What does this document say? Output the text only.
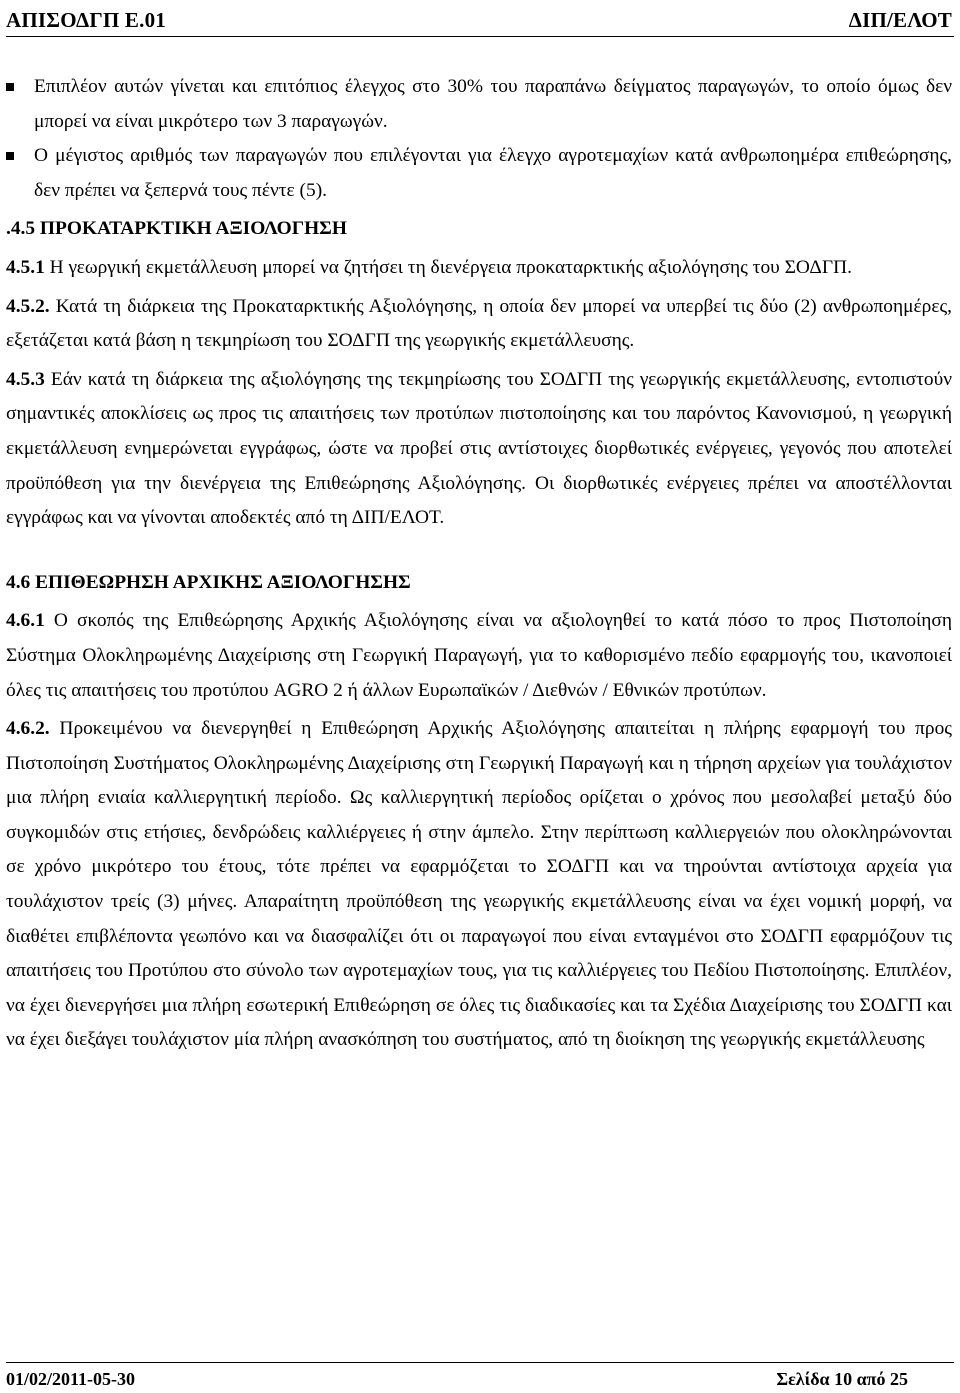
ΑΠΙΣΟΔΓΠ Ε.01	ΔΙΠ/ΕΛΟΤ

Επιπλέον αυτών γίνεται και επιτόπιος έλεγχος στο 30% του παραπάνω δείγματος παραγωγών, το οποίο όμως δεν μπορεί να είναι μικρότερο των 3 παραγωγών.

Ο μέγιστος αριθμός των παραγωγών που επιλέγονται για έλεγχο αγροτεμαχίων κατά ανθρωποημέρα επιθεώρησης, δεν πρέπει να ξεπερνά τους πέντε (5).

.4.5 ΠΡΟΚΑΤΑΡΚΤΙΚΗ ΑΞΙΟΛΟΓΗΣΗ

4.5.1 Η γεωργική εκμετάλλευση μπορεί να ζητήσει τη διενέργεια προκαταρκτικής αξιολόγησης του ΣΟΔΓΠ.

4.5.2. Κατά τη διάρκεια της Προκαταρκτικής Αξιολόγησης, η οποία δεν μπορεί να υπερβεί τις δύο (2) ανθρωποημέρες, εξετάζεται κατά βάση η τεκμηρίωση του ΣΟΔΓΠ της γεωργικής εκμετάλλευσης.

4.5.3 Εάν κατά τη διάρκεια της αξιολόγησης της τεκμηρίωσης του ΣΟΔΓΠ της γεωργικής εκμετάλλευσης, εντοπιστούν σημαντικές αποκλίσεις ως προς τις απαιτήσεις των προτύπων πιστοποίησης και του παρόντος Κανονισμού, η γεωργική εκμετάλλευση ενημερώνεται εγγράφως, ώστε να προβεί στις αντίστοιχες διορθωτικές ενέργειες, γεγονός που αποτελεί προϋπόθεση για την διενέργεια της Επιθεώρησης Αξιολόγησης. Οι διορθωτικές ενέργειες πρέπει να αποστέλλονται εγγράφως και να γίνονται αποδεκτές από τη ΔΙΠ/ΕΛΟΤ.

4.6 ΕΠΙΘΕΩΡΗΣΗ ΑΡΧΙΚΗΣ ΑΞΙΟΛΟΓΗΣΗΣ

4.6.1 Ο σκοπός της Επιθεώρησης Αρχικής Αξιολόγησης είναι να αξιολογηθεί το κατά πόσο το προς Πιστοποίηση Σύστημα Ολοκληρωμένης Διαχείρισης στη Γεωργική Παραγωγή, για το καθορισμένο πεδίο εφαρμογής του, ικανοποιεί όλες τις απαιτήσεις του προτύπου AGRO 2 ή άλλων Ευρωπαϊκών / Διεθνών / Εθνικών προτύπων.

4.6.2. Προκειμένου να διενεργηθεί η Επιθεώρηση Αρχικής Αξιολόγησης απαιτείται η πλήρης εφαρμογή του προς Πιστοποίηση Συστήματος Ολοκληρωμένης Διαχείρισης στη Γεωργική Παραγωγή και η τήρηση αρχείων για τουλάχιστον μια πλήρη ενιαία καλλιεργητική περίοδο. Ως καλλιεργητική περίοδος ορίζεται ο χρόνος που μεσολαβεί μεταξύ δύο συγκομιδών στις ετήσιες, δενδρώδεις καλλιέργειες ή στην άμπελο. Στην περίπτωση καλλιεργειών που ολοκληρώνονται σε χρόνο μικρότερο του έτους, τότε πρέπει να εφαρμόζεται το ΣΟΔΓΠ και να τηρούνται αντίστοιχα αρχεία για τουλάχιστον τρείς (3) μήνες. Απαραίτητη προϋπόθεση της γεωργικής εκμετάλλευσης είναι να έχει νομική μορφή, να διαθέτει επιβλέποντα γεωπόνο και να διασφαλίζει ότι οι παραγωγοί που είναι ενταγμένοι στο ΣΟΔΓΠ εφαρμόζουν τις απαιτήσεις του Προτύπου στο σύνολο των αγροτεμαχίων τους, για τις καλλιέργειες του Πεδίου Πιστοποίησης. Επιπλέον, να έχει διενεργήσει μια πλήρη εσωτερική Επιθεώρηση σε όλες τις διαδικασίες και τα Σχέδια Διαχείρισης του ΣΟΔΓΠ και να έχει διεξάγει τουλάχιστον μία πλήρη ανασκόπηση του συστήματος, από τη διοίκηση της γεωργικής εκμετάλλευσης

01/02/2011-05-30	Σελίδα 10 από 25
